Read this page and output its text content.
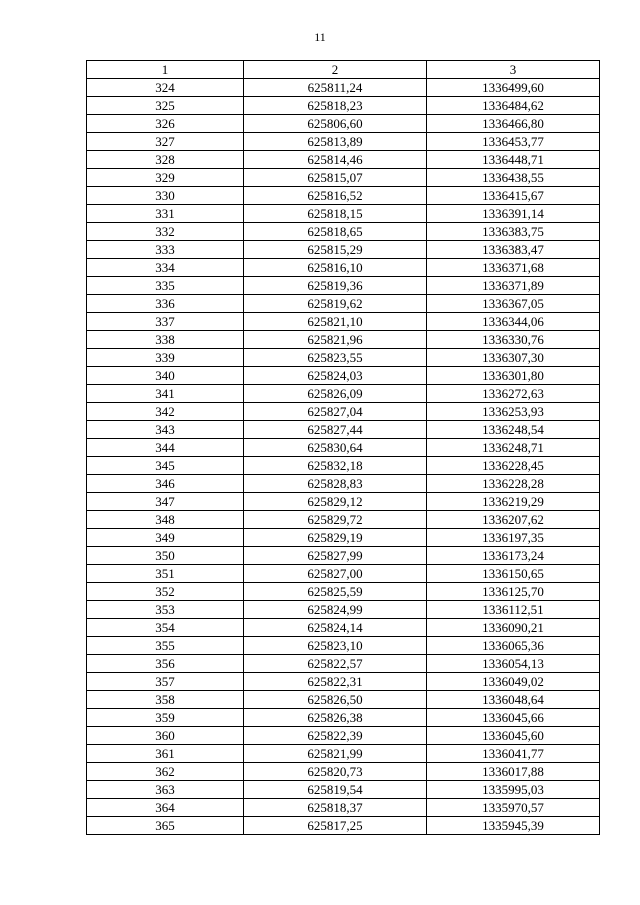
11
1	2	3
324	625811,24	1336499,60
325	625818,23	1336484,62
326	625806,60	1336466,80
327	625813,89	1336453,77
328	625814,46	1336448,71
329	625815,07	1336438,55
330	625816,52	1336415,67
331	625818,15	1336391,14
332	625818,65	1336383,75
333	625815,29	1336383,47
334	625816,10	1336371,68
335	625819,36	1336371,89
336	625819,62	1336367,05
337	625821,10	1336344,06
338	625821,96	1336330,76
339	625823,55	1336307,30
340	625824,03	1336301,80
341	625826,09	1336272,63
342	625827,04	1336253,93
343	625827,44	1336248,54
344	625830,64	1336248,71
345	625832,18	1336228,45
346	625828,83	1336228,28
347	625829,12	1336219,29
348	625829,72	1336207,62
349	625829,19	1336197,35
350	625827,99	1336173,24
351	625827,00	1336150,65
352	625825,59	1336125,70
353	625824,99	1336112,51
354	625824,14	1336090,21
355	625823,10	1336065,36
356	625822,57	1336054,13
357	625822,31	1336049,02
358	625826,50	1336048,64
359	625826,38	1336045,66
360	625822,39	1336045,60
361	625821,99	1336041,77
362	625820,73	1336017,88
363	625819,54	1335995,03
364	625818,37	1335970,57
365	625817,25	1335945,39
